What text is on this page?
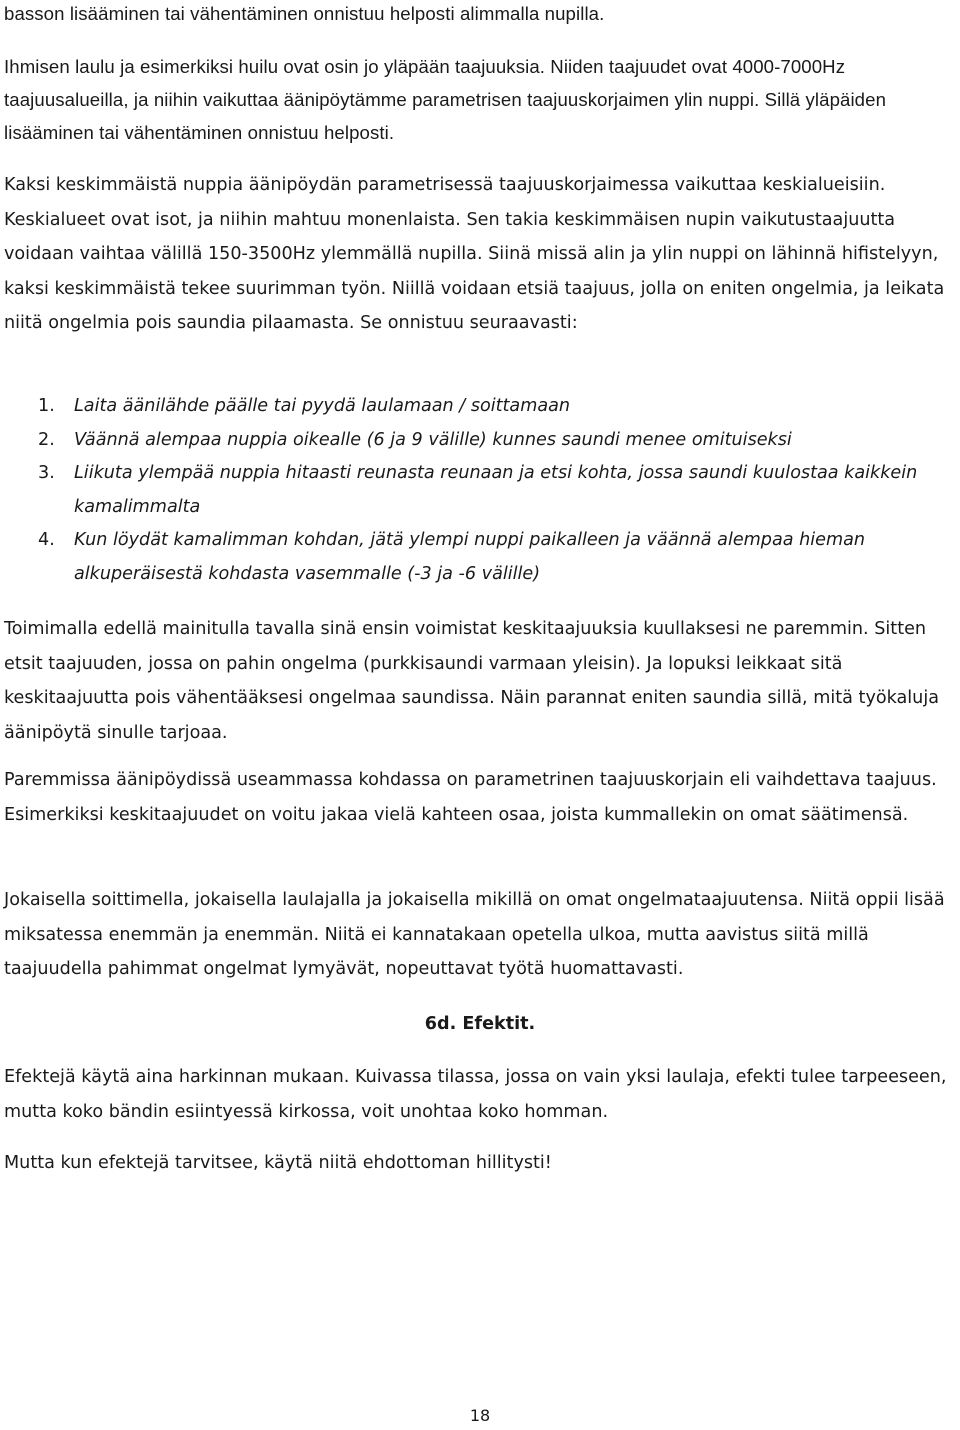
basson lisääminen tai vähentäminen onnistuu helposti alimmalla nupilla.

Ihmisen laulu ja esimerkiksi huilu ovat osin jo yläpään taajuuksia. Niiden taajuudet ovat 4000-7000Hz taajuusalueilla, ja niihin vaikuttaa äänipöytämme parametrisen taajuuskorjaimen ylin nuppi. Sillä yläpäiden lisääminen tai vähentäminen onnistuu helposti.

Kaksi keskimmäistä nuppia äänipöydän parametrisessä taajuuskorjaimessa vaikuttaa keskialueisiin. Keskialueet ovat isot, ja niihin mahtuu monenlaista. Sen takia keskimmäisen nupin vaikutustaajuutta voidaan vaihtaa välillä 150-3500Hz ylemmällä nupilla. Siinä missä alin ja ylin nuppi on lähinnä hifistelyyn, kaksi keskimmäistä tekee suurimman työn. Niillä voidaan etsiä taajuus, jolla on eniten ongelmia, ja leikata niitä ongelmia pois saundia pilaamasta. Se onnistuu seuraavasti:

1. Laita äänilähde päälle tai pyydä laulamaan / soittamaan
2. Väännä alempaa nuppia oikealle (6 ja 9 välille) kunnes saundi menee omituiseksi
3. Liikuta ylempää nuppia hitaasti reunasta reunaan ja etsi kohta, jossa saundi kuulostaa kaikkein kamalimmalta
4. Kun löydät kamalimman kohdan, jätä ylempi nuppi paikalleen ja väännä alempaa hieman alkuperäisestä kohdasta vasemmalle (-3 ja -6 välille)

Toimimalla edellä mainitulla tavalla sinä ensin voimistat keskitaajuuksia kuullaksesi ne paremmin. Sitten etsit taajuuden, jossa on pahin ongelma (purkkisaundi varmaan yleisin). Ja lopuksi leikkaat sitä keskitaajuutta pois vähentääksesi ongelmaa saundissa. Näin parannat eniten saundia sillä, mitä työkaluja äänipöytä sinulle tarjoaa.

Paremmissa äänipöydissä useammassa kohdassa on parametrinen taajuuskorjain eli vaihdettava taajuus. Esimerkiksi keskitaajuudet on voitu jakaa vielä kahteen osaa, joista kummallekin on omat säätimensä.

Jokaisella soittimella, jokaisella laulajalla ja jokaisella mikillä on omat ongelmataajuutensa. Niitä oppii lisää miksatessa enemmän ja enemmän. Niitä ei kannatakaan opetella ulkoa, mutta aavistus siitä millä taajuudella pahimmat ongelmat lymyävät, nopeuttavat työtä huomattavasti.

6d. Efektit.

Efektejä käytä aina harkinnan mukaan. Kuivassa tilassa, jossa on vain yksi laulaja, efekti tulee tarpeeseen, mutta koko bändin esiintyessä kirkossa, voit unohtaa koko homman.

Mutta kun efektejä tarvitsee, käytä niitä ehdottoman hillitysti!

18
